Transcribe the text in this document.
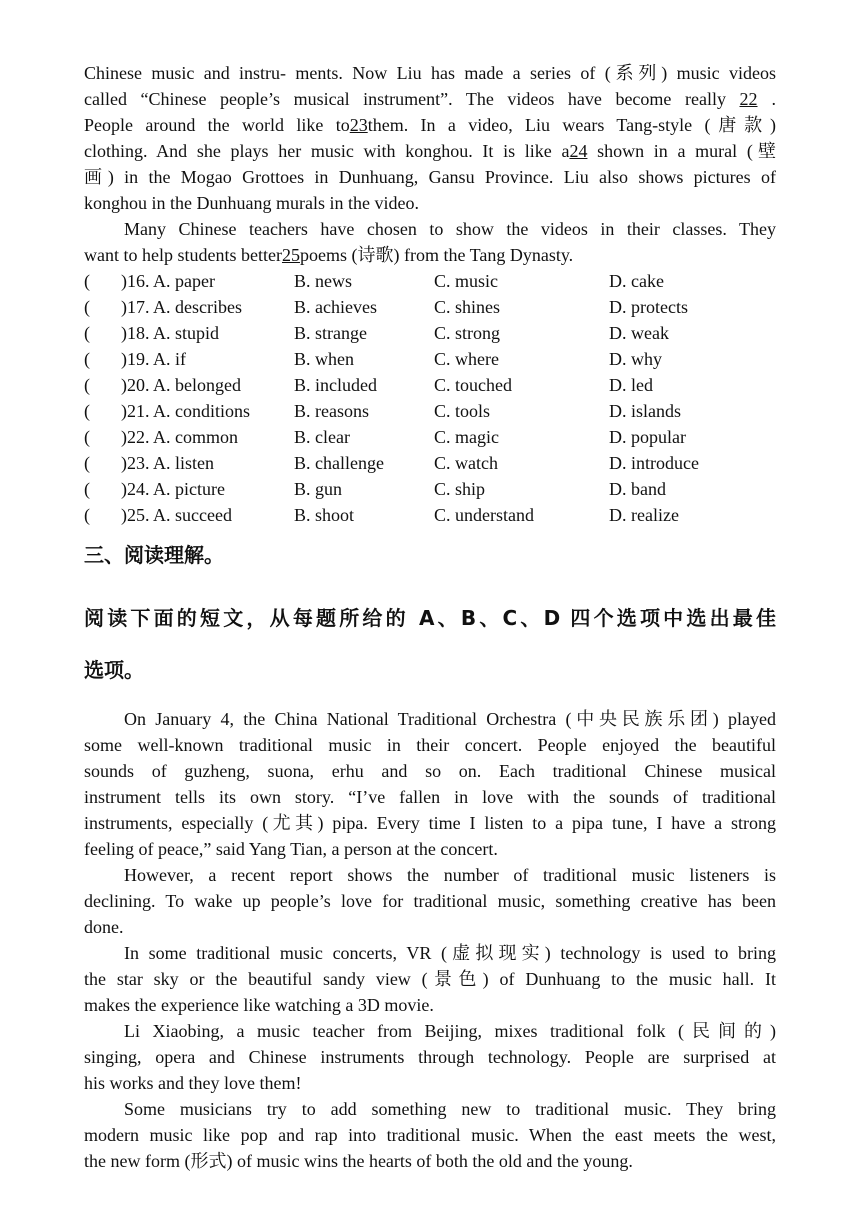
Chinese music and instru- ments. Now Liu has made a series of (系列) music videos
called “Chinese people’s musical instrument”. The videos have become really 22 .
People around the world like to23them. In a video, Liu wears Tang-style (唐款)
clothing. And she plays her music with konghou. It is like a24 shown in a mural (壁
画) in the Mogao Grottoes in Dunhuang, Gansu Province. Liu also shows pictures of
konghou in the Dunhuang murals in the video.
Many Chinese teachers have chosen to show the videos in their classes. They
want to help students better25poems (诗歌) from the Tang Dynasty.
( )16. A. paper	B. news	C. music	D. cake
( )17. A. describes	B. achieves	C. shines	D. protects
( )18. A. stupid	B. strange	C. strong	D. weak
( )19. A. if	B. when	C. where	D. why
( )20. A. belonged	B. included	C. touched	D. led
( )21. A. conditions B. reasons	C. tools	D. islands
( )22. A. common	B. clear	C. magic	D. popular
( )23. A. listen	B. challenge	C. watch	D. introduce
( )24. A. picture	B. gun	C. ship	D. band
( )25. A. succeed	B. shoot	C. understand	D. realize
三、阅读理解。
阅读下面的短文，从每题所给的 A、B、C、D 四个选项中选出最佳
选项。
On January 4, the China National Traditional Orchestra (中央民族乐团) played
some well-known traditional music in their concert. People enjoyed the beautiful
sounds of guzheng, suona, erhu and so on. Each traditional Chinese musical
instrument tells its own story. “I’ve fallen in love with the sounds of traditional
instruments, especially (尤其) pipa. Every time I listen to a pipa tune, I have a strong
feeling of peace,” said Yang Tian, a person at the concert.
However, a recent report shows the number of traditional music listeners is
declining. To wake up people’s love for traditional music, something creative has been
done.
In some traditional music concerts, VR (虚拟现实) technology is used to bring
the star sky or the beautiful sandy view (景色) of Dunhuang to the music hall. It
makes the experience like watching a 3D movie.
Li Xiaobing, a music teacher from Beijing, mixes traditional folk (民间的)
singing, opera and Chinese instruments through technology. People are surprised at
his works and they love them!
Some musicians try to add something new to traditional music. They bring
modern music like pop and rap into traditional music. When the east meets the west,
the new form (形式) of music wins the hearts of both the old and the young.
